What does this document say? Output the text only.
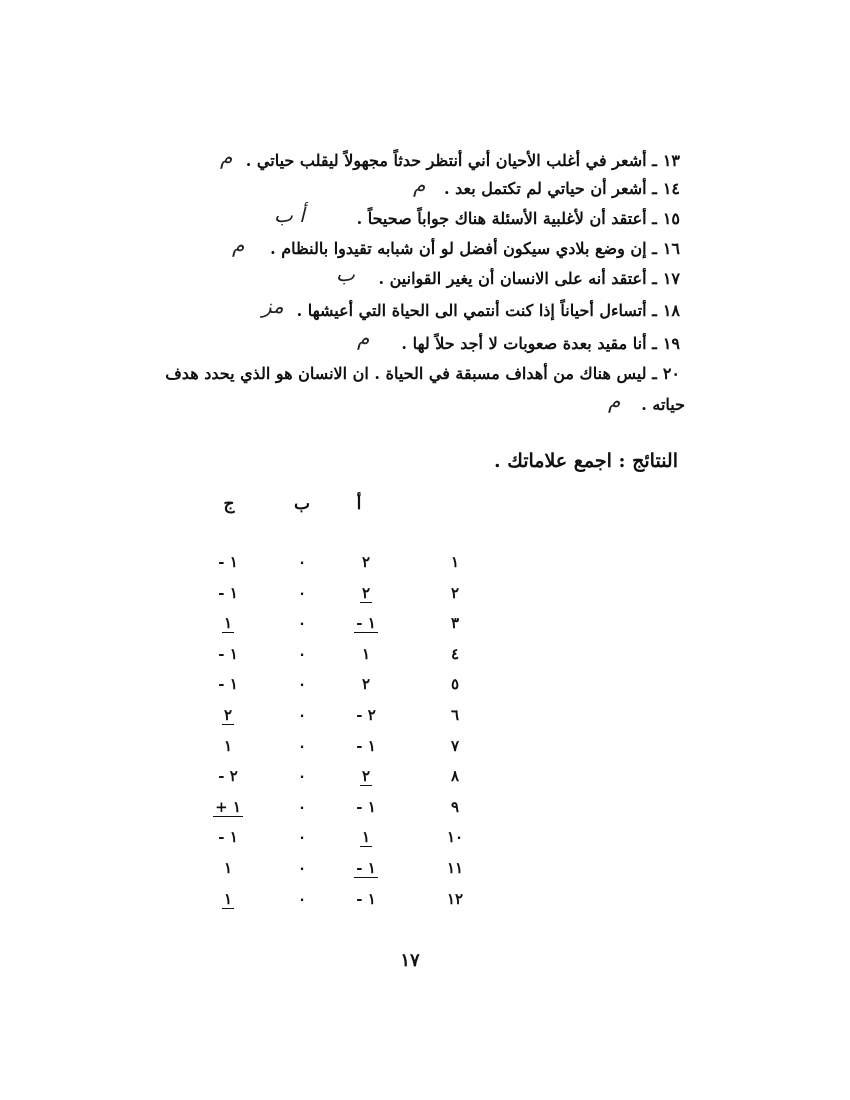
١٣ـ أشعر في أغلب الأحيان أني أنتظر حدثاً مجهولاً ليقلب حياتي .
م
١٤ـ أشعر أن حياتي لم تكتمل بعد .
م
١٥ـ أعتقد أن لأغلبية الأسئلة هناك جواباً صحيحاً .
أ ب
١٦ـ إن وضع بلادي سيكون أفضل لو أن شبابه تقيدوا بالنظام .
م
١٧ـ أعتقد أنه على الانسان أن يغير القوانين .
ب
١٨ـ أتساءل أحياناً إذا كنت أنتمي الى الحياة التي أعيشها .
مز
١٩ـ أنا مقيد بعدة صعوبات لا أجد حلاً لها .
م
٢٠ـ ليس هناك من أهداف مسبقة في الحياة . ان الانسان هو الذي يحدد هدف
حياته .
م
النتائج : اجمع علاماتك .
أ
ب
ج
١
٢
٠
١ -
٢
٢
٠
١ -
٣
١ -
٠
١
٤
١
٠
١ -
٥
٢
٠
١ -
٦
٢ -
٠
٢
٧
١ -
٠
١
٨
٢
٠
٢ -
٩
١ -
٠
١ +
١٠
١
٠
١ -
١١
١ -
٠
١
١٢
١ -
٠
١
١٧
